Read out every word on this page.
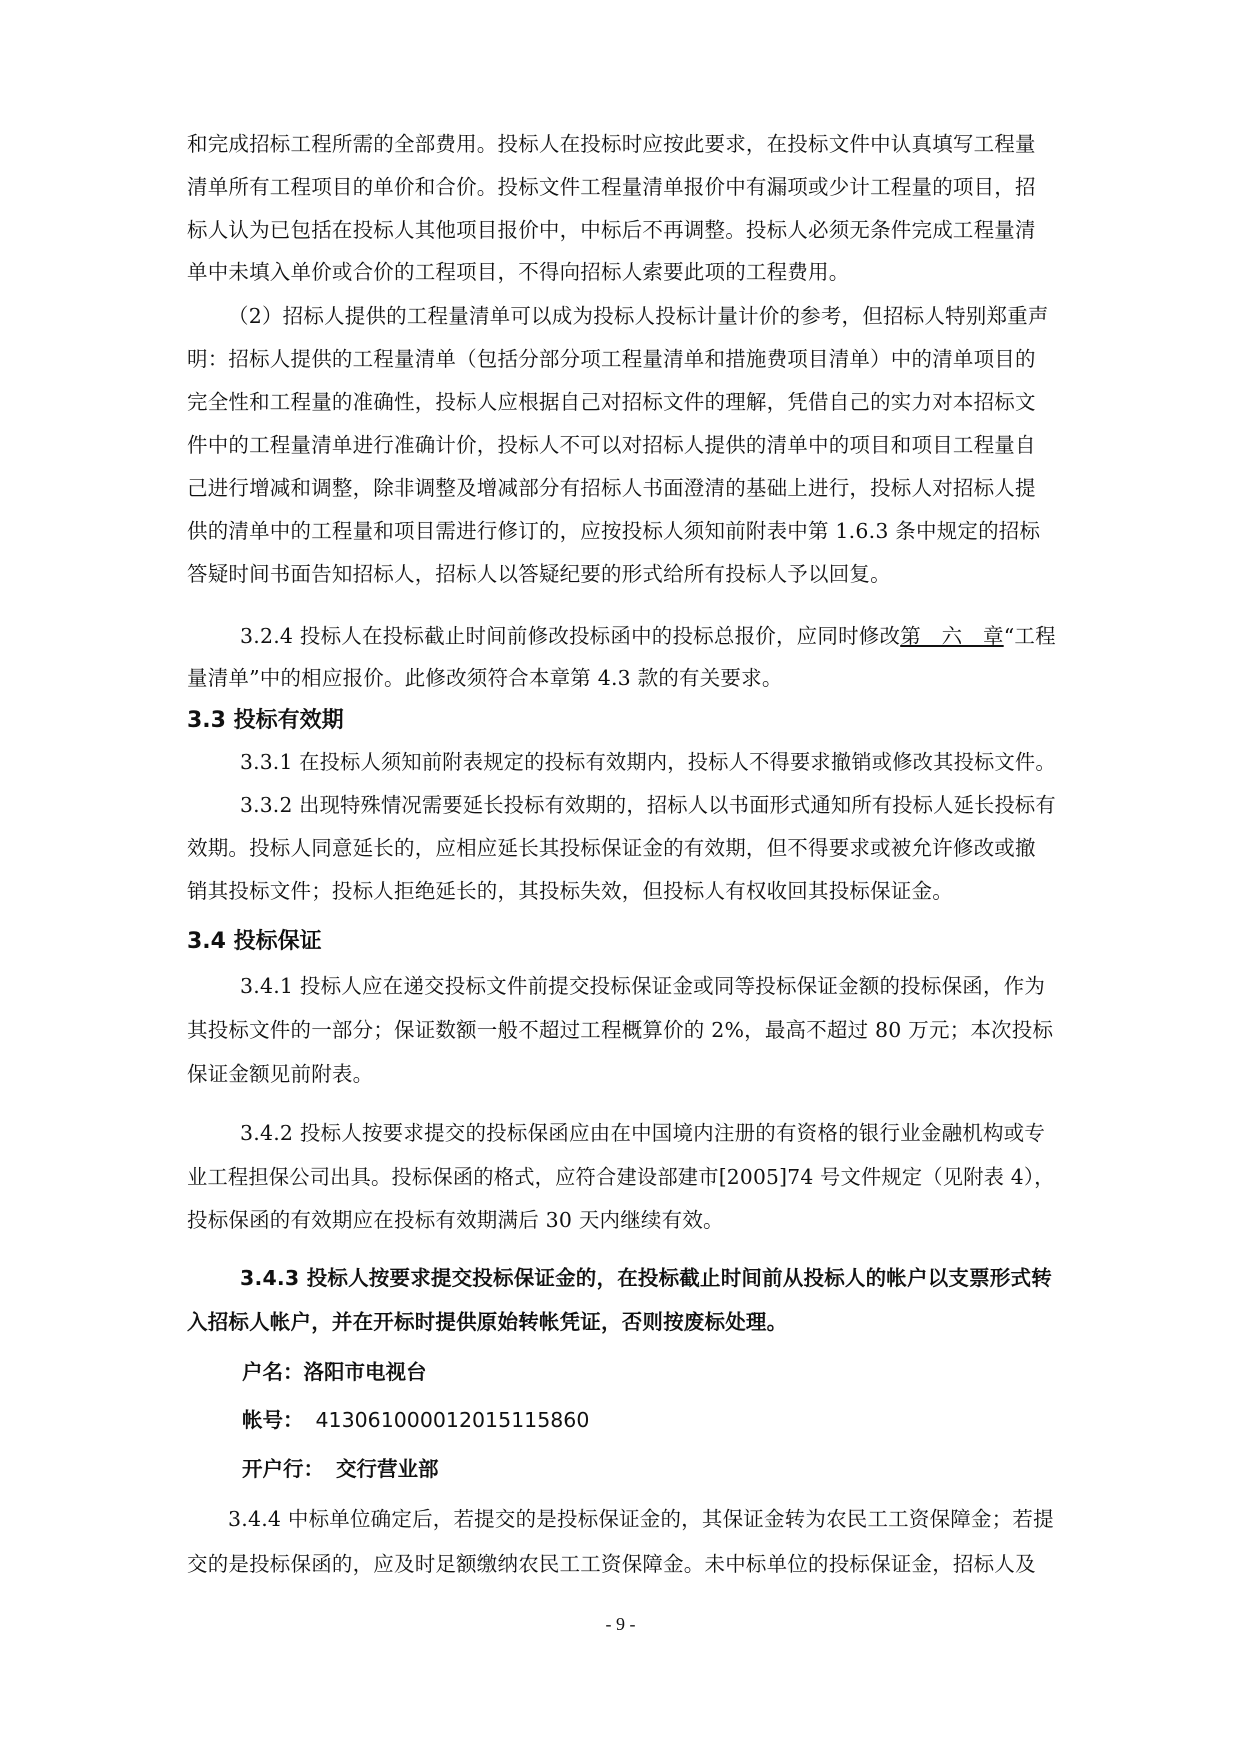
和完成招标工程所需的全部费用。投标人在投标时应按此要求，在投标文件中认真填写工程量
清单所有工程项目的单价和合价。投标文件工程量清单报价中有漏项或少计工程量的项目，招
标人认为已包括在投标人其他项目报价中，中标后不再调整。投标人必须无条件完成工程量清
单中未填入单价或合价的工程项目，不得向招标人索要此项的工程费用。
（2）招标人提供的工程量清单可以成为投标人投标计量计价的参考，但招标人特别郑重声
明：招标人提供的工程量清单（包括分部分项工程量清单和措施费项目清单）中的清单项目的
完全性和工程量的准确性，投标人应根据自己对招标文件的理解，凭借自己的实力对本招标文
件中的工程量清单进行准确计价，投标人不可以对招标人提供的清单中的项目和项目工程量自
己进行增减和调整，除非调整及增减部分有招标人书面澄清的基础上进行，投标人对招标人提
供的清单中的工程量和项目需进行修订的，应按投标人须知前附表中第 1.6.3 条中规定的招标
答疑时间书面告知招标人，招标人以答疑纪要的形式给所有投标人予以回复。
3.2.4 投标人在投标截止时间前修改投标函中的投标总报价，应同时修改第　六　章“工程
量清单”中的相应报价。此修改须符合本章第 4.3 款的有关要求。
3.3 投标有效期
3.3.1 在投标人须知前附表规定的投标有效期内，投标人不得要求撤销或修改其投标文件。
3.3.2 出现特殊情况需要延长投标有效期的，招标人以书面形式通知所有投标人延长投标有
效期。投标人同意延长的，应相应延长其投标保证金的有效期，但不得要求或被允许修改或撤
销其投标文件；投标人拒绝延长的，其投标失效，但投标人有权收回其投标保证金。
3.4 投标保证
3.4.1 投标人应在递交投标文件前提交投标保证金或同等投标保证金额的投标保函，作为
其投标文件的一部分；保证数额一般不超过工程概算价的 2%，最高不超过 80 万元；本次投标
保证金额见前附表。
3.4.2 投标人按要求提交的投标保函应由在中国境内注册的有资格的银行业金融机构或专
业工程担保公司出具。投标保函的格式，应符合建设部建市[2005]74 号文件规定（见附表 4），
投标保函的有效期应在投标有效期满后 30 天内继续有效。
3.4.3 投标人按要求提交投标保证金的，在投标截止时间前从投标人的帐户以支票形式转
入招标人帐户，并在开标时提供原始转帐凭证，否则按废标处理。
户名：洛阳市电视台
帐号： 413061000012015115860
开户行： 交行营业部
3.4.4 中标单位确定后，若提交的是投标保证金的，其保证金转为农民工工资保障金；若提
交的是投标保函的，应及时足额缴纳农民工工资保障金。未中标单位的投标保证金，招标人及
- 9 -
